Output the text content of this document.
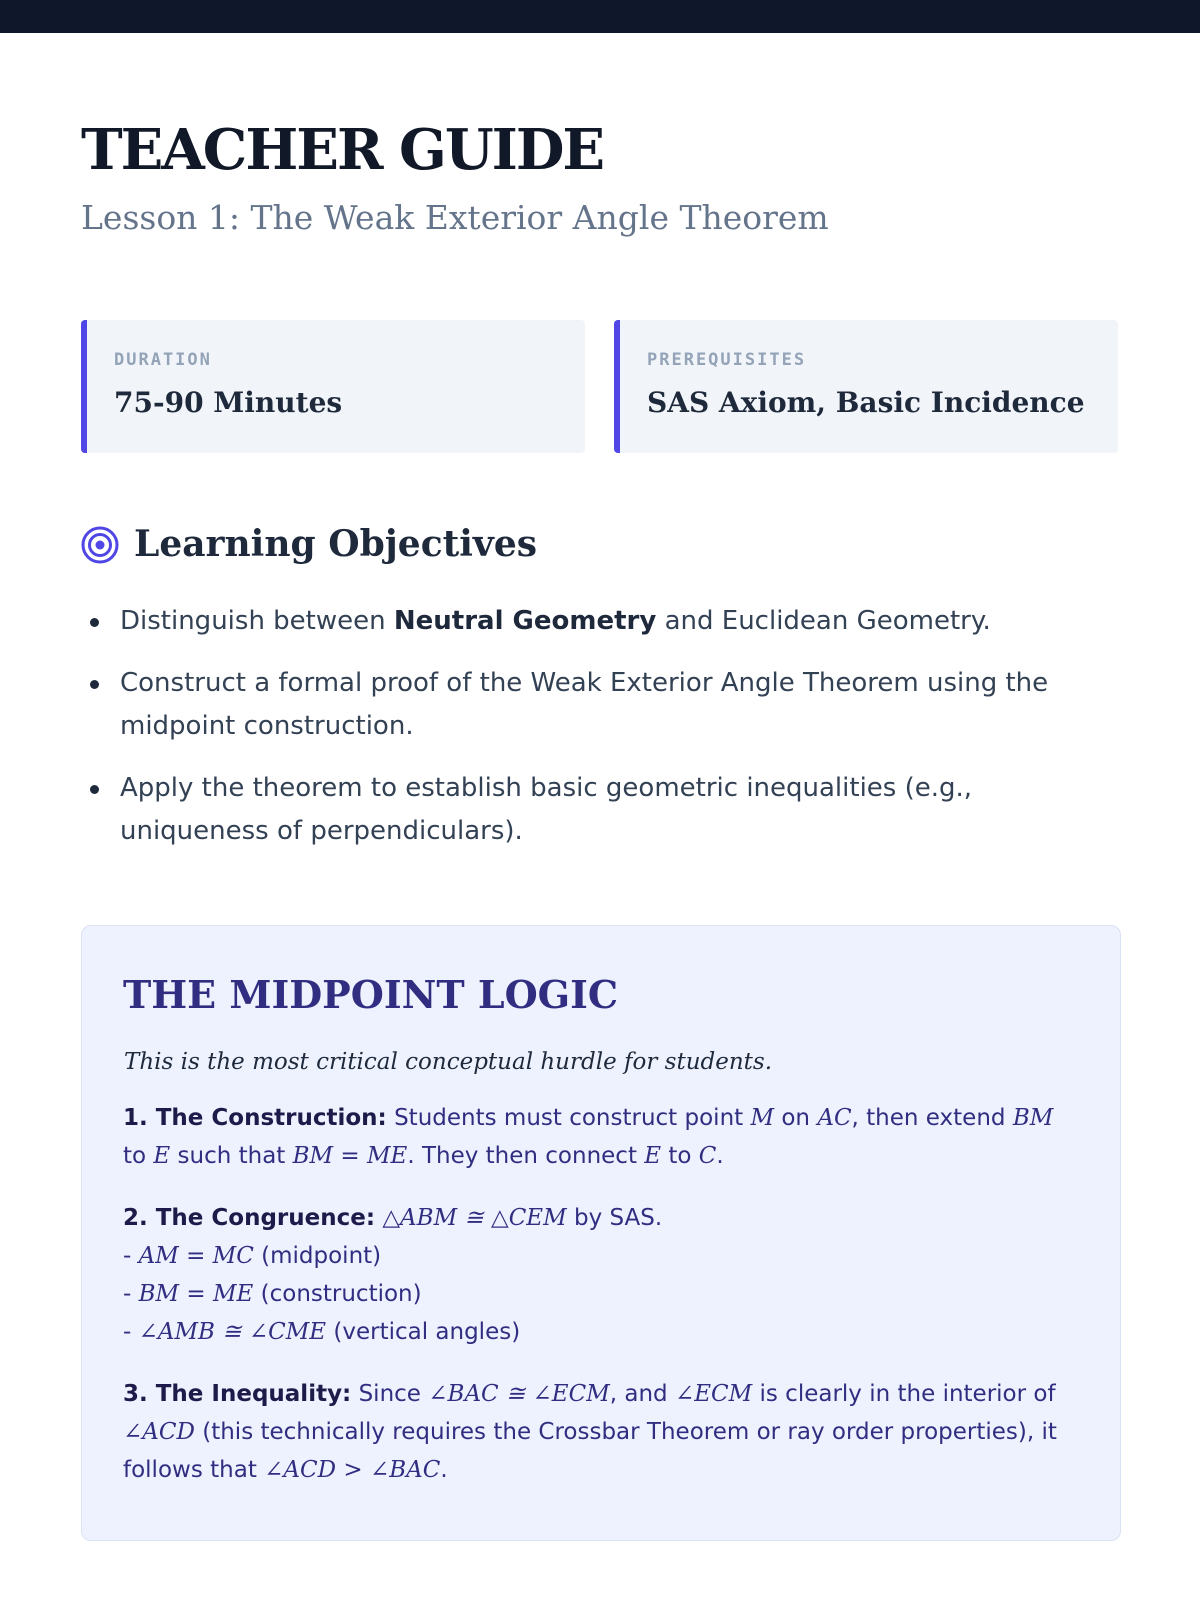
TEACHER GUIDE
Lesson 1: The Weak Exterior Angle Theorem
DURATION
75-90 Minutes
PREREQUISITES
SAS Axiom, Basic Incidence
Learning Objectives
Distinguish between Neutral Geometry and Euclidean Geometry.
Construct a formal proof of the Weak Exterior Angle Theorem using the midpoint construction.
Apply the theorem to establish basic geometric inequalities (e.g., uniqueness of perpendiculars).
THE MIDPOINT LOGIC
This is the most critical conceptual hurdle for students.

1. The Construction: Students must construct point M on AC, then extend BM to E such that BM = ME. They then connect E to C.

2. The Congruence: △ABM ≅ △CEM by SAS.
- AM = MC (midpoint)
- BM = ME (construction)
- ∠AMB ≅ ∠CME (vertical angles)

3. The Inequality: Since ∠BAC ≅ ∠ECM, and ∠ECM is clearly in the interior of ∠ACD (this technically requires the Crossbar Theorem or ray order properties), it follows that ∠ACD > ∠BAC.
